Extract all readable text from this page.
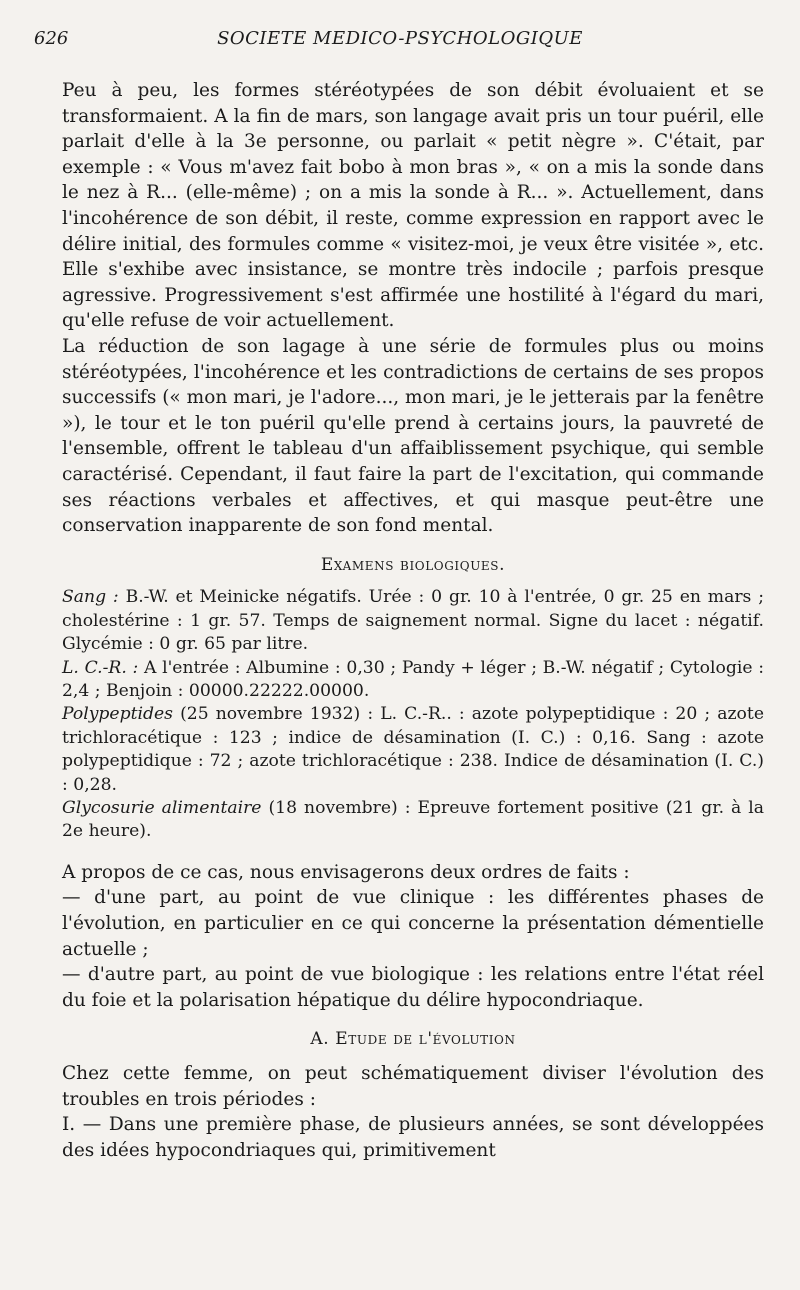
626	SOCIETE MEDICO-PSYCHOLOGIQUE

Peu à peu, les formes stéréotypées de son débit évoluaient et se transformaient. A la fin de mars, son langage avait pris un tour puéril, elle parlait d'elle à la 3e personne, ou parlait « petit nègre ». C'était, par exemple : « Vous m'avez fait bobo à mon bras », « on a mis la sonde dans le nez à R... (elle-même) ; on a mis la sonde à R... ». Actuellement, dans l'incohérence de son débit, il reste, comme expression en rapport avec le délire initial, des formules comme « visitez-moi, je veux être visitée », etc. Elle s'exhibe avec insistance, se montre très indocile ; parfois presque agressive. Progressivement s'est affirmée une hostilité à l'égard du mari, qu'elle refuse de voir actuellement.

La réduction de son lagage à une série de formules plus ou moins stéréotypées, l'incohérence et les contradictions de certains de ses propos successifs (« mon mari, je l'adore..., mon mari, je le jetterais par la fenêtre »), le tour et le ton puéril qu'elle prend à certains jours, la pauvreté de l'ensemble, offrent le tableau d'un affaiblissement psychique, qui semble caractérisé. Cependant, il faut faire la part de l'excitation, qui commande ses réactions verbales et affectives, et qui masque peut-être une conservation inapparente de son fond mental.

Examens biologiques.

Sang : B.-W. et Meinicke négatifs. Urée : 0 gr. 10 à l'entrée, 0 gr. 25 en mars ; cholestérine : 1 gr. 57. Temps de saignement normal. Signe du lacet : négatif. Glycémie : 0 gr. 65 par litre.

L. C.-R. : A l'entrée : Albumine : 0,30 ; Pandy + léger ; B.-W. négatif ; Cytologie : 2,4 ; Benjoin : 00000.22222.00000.

Polypeptides (25 novembre 1932) : L. C.-R.. : azote polypeptidique : 20 ; azote trichloracétique : 123 ; indice de désamination (I. C.) : 0,16. Sang : azote polypeptidique : 72 ; azote trichloracétique : 238. Indice de désamination (I. C.) : 0,28.

Glycosurie alimentaire (18 novembre) : Epreuve fortement positive (21 gr. à la 2e heure).

A propos de ce cas, nous envisagerons deux ordres de faits :

— d'une part, au point de vue clinique : les différentes phases de l'évolution, en particulier en ce qui concerne la présentation démentielle actuelle ;

— d'autre part, au point de vue biologique : les relations entre l'état réel du foie et la polarisation hépatique du délire hypocondriaque.

A. Etude de l'évolution

Chez cette femme, on peut schématiquement diviser l'évolution des troubles en trois périodes :

I. — Dans une première phase, de plusieurs années, se sont développées des idées hypocondriaques qui, primitivement
